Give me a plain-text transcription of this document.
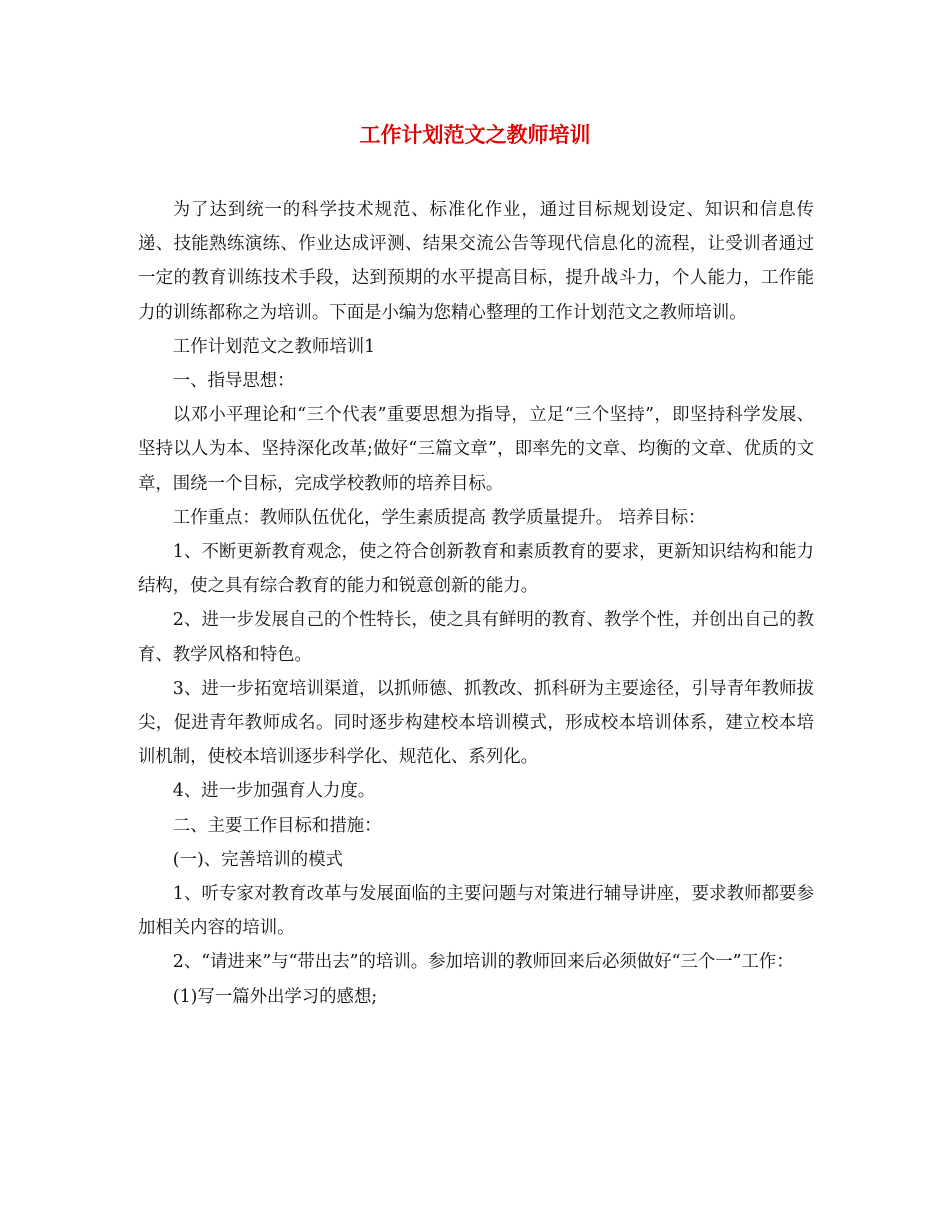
工作计划范文之教师培训

为了达到统一的科学技术规范、标准化作业，通过目标规划设定、知识和信息传递、技能熟练演练、作业达成评测、结果交流公告等现代信息化的流程，让受训者通过一定的教育训练技术手段，达到预期的水平提高目标，提升战斗力，个人能力，工作能力的训练都称之为培训。下面是小编为您精心整理的工作计划范文之教师培训。

工作计划范文之教师培训1

一、指导思想：

以邓小平理论和“三个代表”重要思想为指导，立足“三个坚持”，即坚持科学发展、坚持以人为本、坚持深化改革;做好“三篇文章”，即率先的文章、均衡的文章、优质的文章，围绕一个目标，完成学校教师的培养目标。

工作重点：教师队伍优化，学生素质提高 教学质量提升。 培养目标：

1、不断更新教育观念，使之符合创新教育和素质教育的要求，更新知识结构和能力结构，使之具有综合教育的能力和锐意创新的能力。

2、进一步发展自己的个性特长，使之具有鲜明的教育、教学个性，并创出自己的教育、教学风格和特色。

3、进一步拓宽培训渠道，以抓师德、抓教改、抓科研为主要途径，引导青年教师拔尖，促进青年教师成名。同时逐步构建校本培训模式，形成校本培训体系，建立校本培训机制，使校本培训逐步科学化、规范化、系列化。

4、进一步加强育人力度。

二、主要工作目标和措施：

(一)、完善培训的模式

1、听专家对教育改革与发展面临的主要问题与对策进行辅导讲座，要求教师都要参加相关内容的培训。

2、“请进来”与“带出去”的培训。参加培训的教师回来后必须做好“三个一”工作：

(1)写一篇外出学习的感想;
